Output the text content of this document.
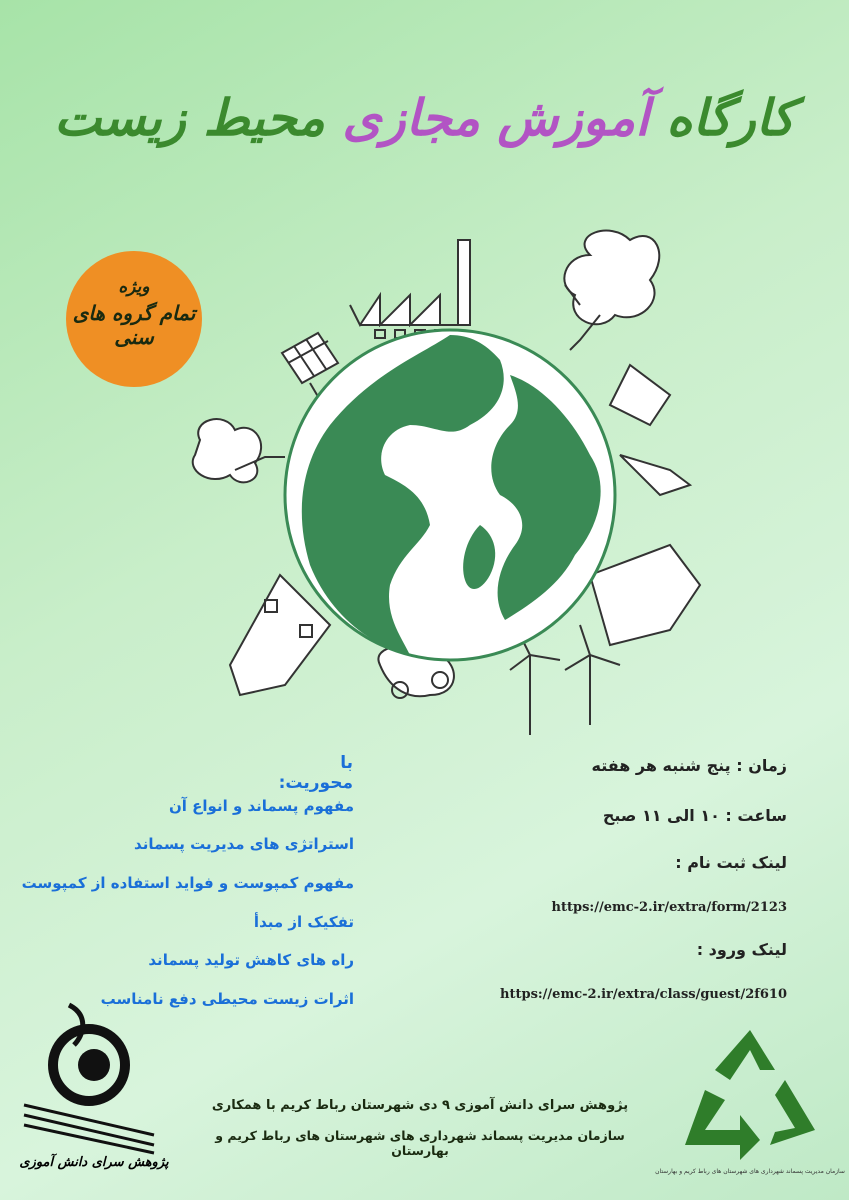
کارگاه آموزش مجازی محیط زیست
ویژه
تمام گروه های سنی
زمان : پنج شنبه هر هفته
ساعت : ۱۰ الی ۱۱ صبح
لینک ثبت نام :
https://emc-2.ir/extra/form/2123
لینک ورود :
https://emc-2.ir/extra/class/guest/2f610
با محوریت:
مفهوم پسماند و انواع آن
استراتژی های مدیریت پسماند
مفهوم کمپوست و فواید استفاده از کمپوست
تفکیک از مبدأ
راه های کاهش تولید پسماند
اثرات زیست محیطی دفع نامناسب
پژوهش سرای دانش آموزی
پژوهش سرای دانش آموزی ۹ دی شهرستان رباط کریم با همکاری
سازمان مدیریت پسماند شهرداری های شهرستان های رباط کریم و بهارستان
سازمان مدیریت پسماند شهرداری های شهرستان های رباط کریم و بهارستان
